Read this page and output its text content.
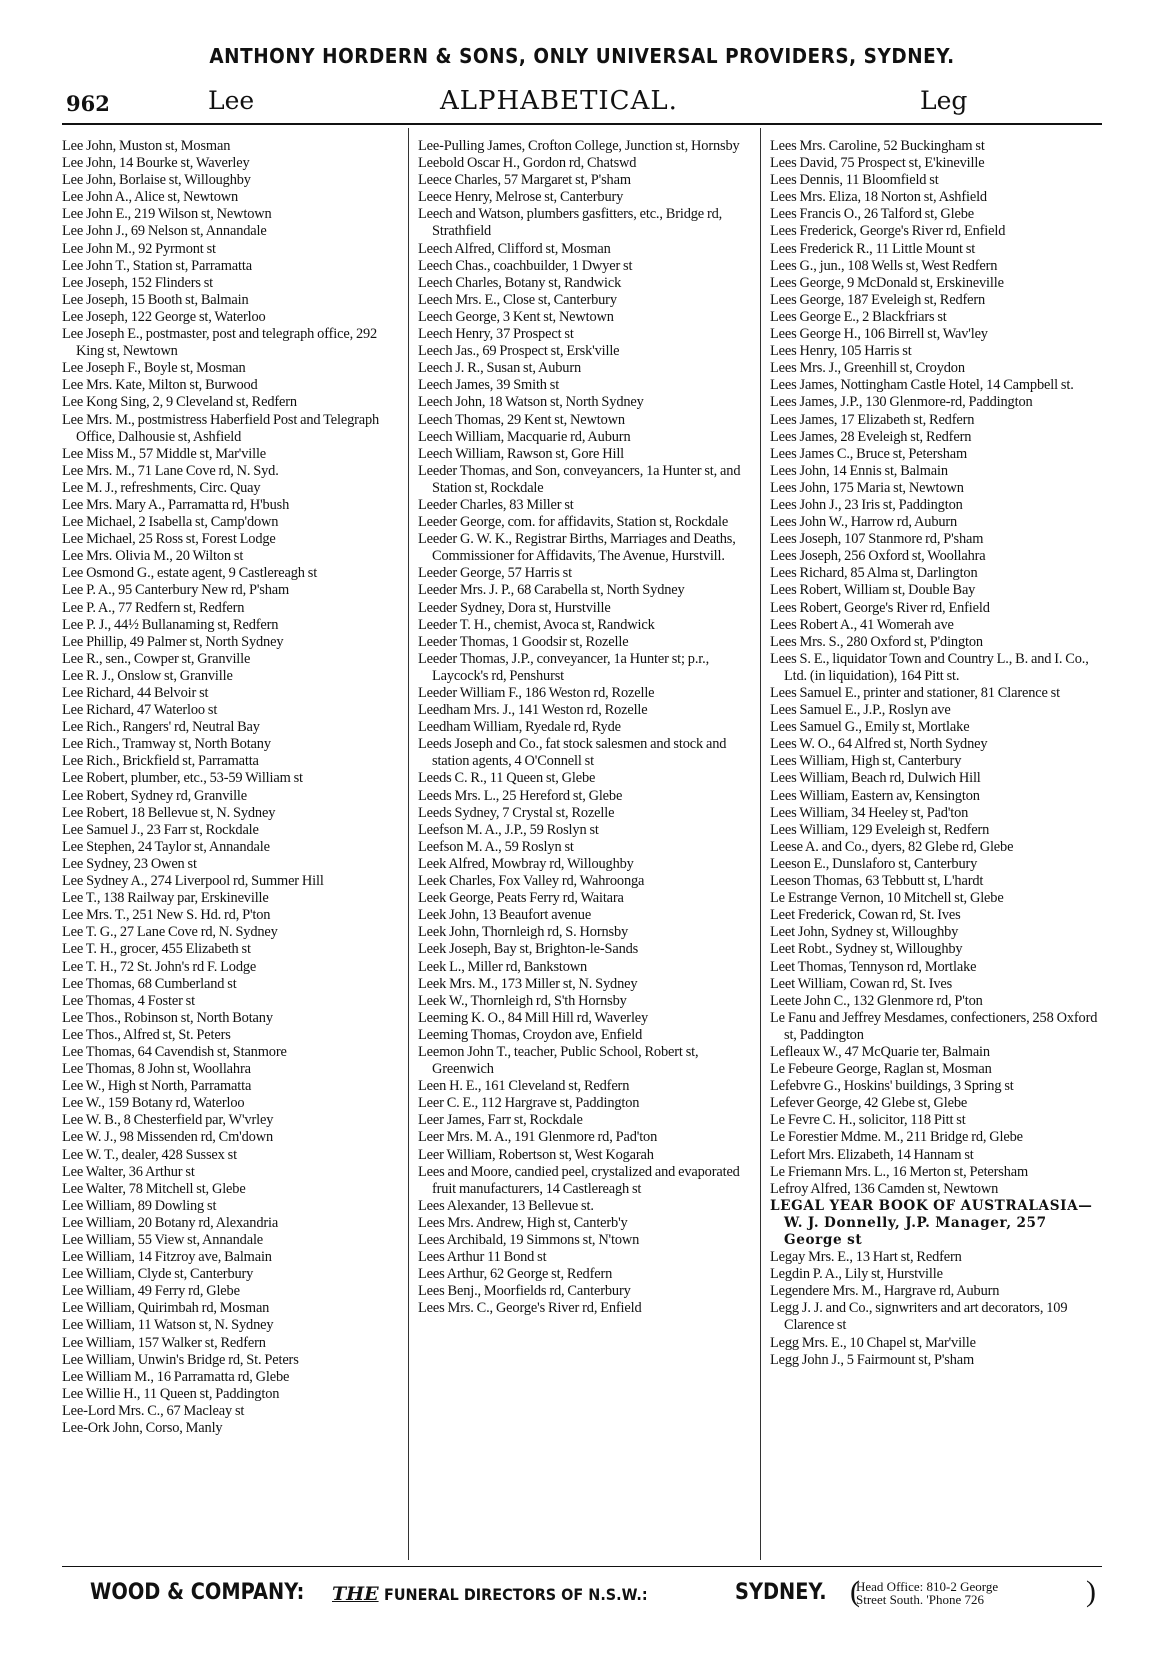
ANTHONY HORDERN & SONS, ONLY UNIVERSAL PROVIDERS, SYDNEY.
962	Lee	ALPHABETICAL.	Leg
Lee John, Muston st, Mosman
Lee John, 14 Bourke st, Waverley
Lee John, Borlaise st, Willoughby
Lee John A., Alice st, Newtown
Lee John E., 219 Wilson st, Newtown
Lee John J., 69 Nelson st, Annandale
Lee John M., 92 Pyrmont st
Lee John T., Station st, Parramatta
Lee Joseph, 152 Flinders st
Lee Joseph, 15 Booth st, Balmain
Lee Joseph, 122 George st, Waterloo
Lee Joseph E., postmaster, post and telegraph office, 292 King st, Newtown
Lee Joseph F., Boyle st, Mosman
Lee Mrs. Kate, Milton st, Burwood
Lee Kong Sing, 2, 9 Cleveland st, Redfern
Lee Mrs. M., postmistress Haberfield Post and Telegraph Office, Dalhousie st, Ashfield
Lee Miss M., 57 Middle st, Mar'ville
Lee Mrs. M., 71 Lane Cove rd, N. Syd.
Lee M. J., refreshments, Circ. Quay
Lee Mrs. Mary A., Parramatta rd, H'bush
Lee Michael, 2 Isabella st, Camp'down
Lee Michael, 25 Ross st, Forest Lodge
Lee Mrs. Olivia M., 20 Wilton st
Lee Osmond G., estate agent, 9 Castlereagh st
Lee P. A., 95 Canterbury New rd, P'sham
Lee P. A., 77 Redfern st, Redfern
Lee P. J., 44½ Bullanaming st, Redfern
Lee Phillip, 49 Palmer st, North Sydney
Lee R., sen., Cowper st, Granville
Lee R. J., Onslow st, Granville
Lee Richard, 44 Belvoir st
Lee Richard, 47 Waterloo st
Lee Rich., Rangers' rd, Neutral Bay
Lee Rich., Tramway st, North Botany
Lee Rich., Brickfield st, Parramatta
Lee Robert, plumber, etc., 53-59 William st
Lee Robert, Sydney rd, Granville
Lee Robert, 18 Bellevue st, N. Sydney
Lee Samuel J., 23 Farr st, Rockdale
Lee Stephen, 24 Taylor st, Annandale
Lee Sydney, 23 Owen st
Lee Sydney A., 274 Liverpool rd, Summer Hill
Lee T., 138 Railway par, Erskineville
Lee Mrs. T., 251 New S. Hd. rd, P'ton
Lee T. G., 27 Lane Cove rd, N. Sydney
Lee T. H., grocer, 455 Elizabeth st
Lee T. H., 72 St. John's rd F. Lodge
Lee Thomas, 68 Cumberland st
Lee Thomas, 4 Foster st
Lee Thos., Robinson st, North Botany
Lee Thos., Alfred st, St. Peters
Lee Thomas, 64 Cavendish st, Stanmore
Lee Thomas, 8 John st, Woollahra
Lee W., High st North, Parramatta
Lee W., 159 Botany rd, Waterloo
Lee W. B., 8 Chesterfield par, W'vrley
Lee W. J., 98 Missenden rd, Cm'down
Lee W. T., dealer, 428 Sussex st
Lee Walter, 36 Arthur st
Lee Walter, 78 Mitchell st, Glebe
Lee William, 89 Dowling st
Lee William, 20 Botany rd, Alexandria
Lee William, 55 View st, Annandale
Lee William, 14 Fitzroy ave, Balmain
Lee William, Clyde st, Canterbury
Lee William, 49 Ferry rd, Glebe
Lee William, Quirimbah rd, Mosman
Lee William, 11 Watson st, N. Sydney
Lee William, 157 Walker st, Redfern
Lee William, Unwin's Bridge rd, St. Peters
Lee William M., 16 Parramatta rd, Glebe
Lee Willie H., 11 Queen st, Paddington
Lee-Lord Mrs. C., 67 Macleay st
Lee-Ork John, Corso, Manly
Lee-Pulling James, Crofton College, Junction st, Hornsby
Leebold Oscar H., Gordon rd, Chatswd
Leece Charles, 57 Margaret st, P'sham
Leece Henry, Melrose st, Canterbury
Leech and Watson, plumbers gasfitters, etc., Bridge rd, Strathfield
Leech Alfred, Clifford st, Mosman
Leech Chas., coachbuilder, 1 Dwyer st
Leech Charles, Botany st, Randwick
Leech Mrs. E., Close st, Canterbury
Leech George, 3 Kent st, Newtown
Leech Henry, 37 Prospect st
Leech Jas., 69 Prospect st, Ersk'ville
Leech J. R., Susan st, Auburn
Leech James, 39 Smith st
Leech John, 18 Watson st, North Sydney
Leech Thomas, 29 Kent st, Newtown
Leech William, Macquarie rd, Auburn
Leech William, Rawson st, Gore Hill
Leeder Thomas, and Son, conveyancers, 1a Hunter st, and Station st, Rockdale
Leeder Charles, 83 Miller st
Leeder George, com. for affidavits, Station st, Rockdale
Leeder G. W. K., Registrar Births, Marriages and Deaths, Commissioner for Affidavits, The Avenue, Hurstvill.
Leeder George, 57 Harris st
Leeder Mrs. J. P., 68 Carabella st, North Sydney
Leeder Sydney, Dora st, Hurstville
Leeder T. H., chemist, Avoca st, Randwick
Leeder Thomas, 1 Goodsir st, Rozelle
Leeder Thomas, J.P., conveyancer, 1a Hunter st; p.r., Laycock's rd, Penshurst
Leeder William F., 186 Weston rd, Rozelle
Leedham Mrs. J., 141 Weston rd, Rozelle
Leedham William, Ryedale rd, Ryde
Leeds Joseph and Co., fat stock salesmen and stock and station agents, 4 O'Connell st
Leeds C. R., 11 Queen st, Glebe
Leeds Mrs. L., 25 Hereford st, Glebe
Leeds Sydney, 7 Crystal st, Rozelle
Leefson M. A., J.P., 59 Roslyn st
Leefson M. A., 59 Roslyn st
Leek Alfred, Mowbray rd, Willoughby
Leek Charles, Fox Valley rd, Wahroonga
Leek George, Peats Ferry rd, Waitara
Leek John, 13 Beaufort avenue
Leek John, Thornleigh rd, S. Hornsby
Leek Joseph, Bay st, Brighton-le-Sands
Leek L., Miller rd, Bankstown
Leek Mrs. M., 173 Miller st, N. Sydney
Leek W., Thornleigh rd, S'th Hornsby
Leeming K. O., 84 Mill Hill rd, Waverley
Leeming Thomas, Croydon ave, Enfield
Leemon John T., teacher, Public School, Robert st, Greenwich
Leen H. E., 161 Cleveland st, Redfern
Leer C. E., 112 Hargrave st, Paddington
Leer James, Farr st, Rockdale
Leer Mrs. M. A., 191 Glenmore rd, Pad'ton
Leer William, Robertson st, West Kogarah
Lees and Moore, candied peel, crystalized and evaporated fruit manufacturers, 14 Castlereagh st
Lees Alexander, 13 Bellevue st.
Lees Mrs. Andrew, High st, Canterb'y
Lees Archibald, 19 Simmons st, N'town
Lees Arthur 11 Bond st
Lees Arthur, 62 George st, Redfern
Lees Benj., Moorfields rd, Canterbury
Lees Mrs. C., George's River rd, Enfield
Lees Mrs. Caroline, 52 Buckingham st
Lees David, 75 Prospect st, E'kineville
Lees Dennis, 11 Bloomfield st
Lees Mrs. Eliza, 18 Norton st, Ashfield
Lees Francis O., 26 Talford st, Glebe
Lees Frederick, George's River rd, Enfield
Lees Frederick R., 11 Little Mount st
Lees G., jun., 108 Wells st, West Redfern
Lees George, 9 McDonald st, Erskineville
Lees George, 187 Eveleigh st, Redfern
Lees George E., 2 Blackfriars st
Lees George H., 106 Birrell st, Wav'ley
Lees Henry, 105 Harris st
Lees Mrs. J., Greenhill st, Croydon
Lees James, Nottingham Castle Hotel, 14 Campbell st.
Lees James, J.P., 130 Glenmore-rd, Paddington
Lees James, 17 Elizabeth st, Redfern
Lees James, 28 Eveleigh st, Redfern
Lees James C., Bruce st, Petersham
Lees John, 14 Ennis st, Balmain
Lees John, 175 Maria st, Newtown
Lees John J., 23 Iris st, Paddington
Lees John W., Harrow rd, Auburn
Lees Joseph, 107 Stanmore rd, P'sham
Lees Joseph, 256 Oxford st, Woollahra
Lees Richard, 85 Alma st, Darlington
Lees Robert, William st, Double Bay
Lees Robert, George's River rd, Enfield
Lees Robert A., 41 Womerah ave
Lees Mrs. S., 280 Oxford st, P'dington
Lees S. E., liquidator Town and Country L., B. and I. Co., Ltd. (in liquidation), 164 Pitt st.
Lees Samuel E., printer and stationer, 81 Clarence st
Lees Samuel E., J.P., Roslyn ave
Lees Samuel G., Emily st, Mortlake
Lees W. O., 64 Alfred st, North Sydney
Lees William, High st, Canterbury
Lees William, Beach rd, Dulwich Hill
Lees William, Eastern av, Kensington
Lees William, 34 Heeley st, Pad'ton
Lees William, 129 Eveleigh st, Redfern
Leese A. and Co., dyers, 82 Glebe rd, Glebe
Leeson E., Dunslaforo st, Canterbury
Leeson Thomas, 63 Tebbutt st, L'hardt
Le Estrange Vernon, 10 Mitchell st, Glebe
Leet Frederick, Cowan rd, St. Ives
Leet John, Sydney st, Willoughby
Leet Robt., Sydney st, Willoughby
Leet Thomas, Tennyson rd, Mortlake
Leet William, Cowan rd, St. Ives
Leete John C., 132 Glenmore rd, P'ton
Le Fanu and Jeffrey Mesdames, confectioners, 258 Oxford st, Paddington
Lefleaux W., 47 McQuarie ter, Balmain
Le Febeure George, Raglan st, Mosman
Lefebvre G., Hoskins' buildings, 3 Spring st
Lefever George, 42 Glebe st, Glebe
Le Fevre C. H., solicitor, 118 Pitt st
Le Forestier Mdme. M., 211 Bridge rd, Glebe
Lefort Mrs. Elizabeth, 14 Hannam st
Le Friemann Mrs. L., 16 Merton st, Petersham
Lefroy Alfred, 136 Camden st, Newtown
LEGAL YEAR BOOK OF AUSTRALASIA—W. J. Donnelly, J.P. Manager, 257 George st
Legay Mrs. E., 13 Hart st, Redfern
Legdin P. A., Lily st, Hurstville
Legendere Mrs. M., Hargrave rd, Auburn
Legg J. J. and Co., signwriters and art decorators, 109 Clarence st
Legg Mrs. E., 10 Chapel st, Mar'ville
Legg John J., 5 Fairmount st, P'sham
WOOD & COMPANY: THE FUNERAL DIRECTORS OF N.S.W.:	SYDNEY. (
Head Office: 810-2 George
Street South. 'Phone 726	)
